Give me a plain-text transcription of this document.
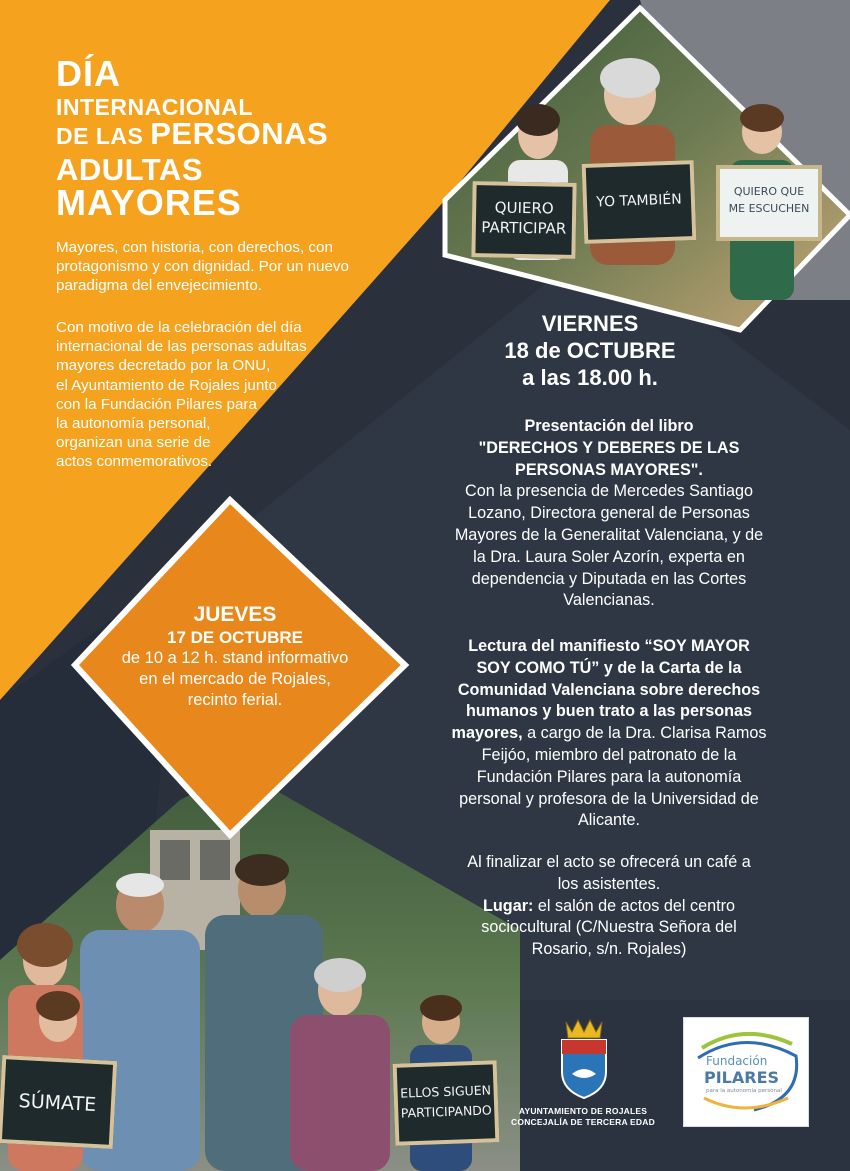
DÍA
INTERNACIONAL
DE LAS PERSONAS
ADULTAS
MAYORES
Mayores, con historia, con derechos, con
protagonismo y con dignidad. Por un nuevo
paradigma del envejecimiento.
Con motivo de la celebración del día
internacional de las personas adultas
mayores decretado por la ONU,
el Ayuntamiento de Rojales junto
con la Fundación Pilares para
la autonomía personal,
organizan una serie de
actos conmemorativos.
QUIERO
PARTICIPAR
YO TAMBIÉN
QUIERO QUE
ME ESCUCHEN
VIERNES
18 de OCTUBRE
a las 18.00 h.
Presentación del libro
"DERECHOS Y DEBERES DE LAS
PERSONAS MAYORES".
Con la presencia de Mercedes Santiago
Lozano, Directora general de Personas
Mayores de la Generalitat Valenciana, y de
la Dra. Laura Soler Azorín, experta en
dependencia y Diputada en las Cortes
Valencianas.
Lectura del manifiesto “SOY MAYOR
SOY COMO TÚ” y de la Carta de la
Comunidad Valenciana sobre derechos
humanos y buen trato a las personas
mayores, a cargo de la Dra. Clarisa Ramos
Feijóo, miembro del patronato de la
Fundación Pilares para la autonomía
personal y profesora de la Universidad de
Alicante.
Al finalizar el acto se ofrecerá un café a
los asistentes.
Lugar: el salón de actos del centro
sociocultural (C/Nuestra Señora del
Rosario, s/n. Rojales)
JUEVES
17 DE OCTUBRE
de 10 a 12 h. stand informativo
en el mercado de Rojales,
recinto ferial.
SÚMATE	ELLOS SIGUEN
PARTICIPANDO	AYUNTAMIENTO DE ROJALES
CONCEJALÍA DE TERCERA EDAD
Fundación
PILARES
para la autonomía personal
